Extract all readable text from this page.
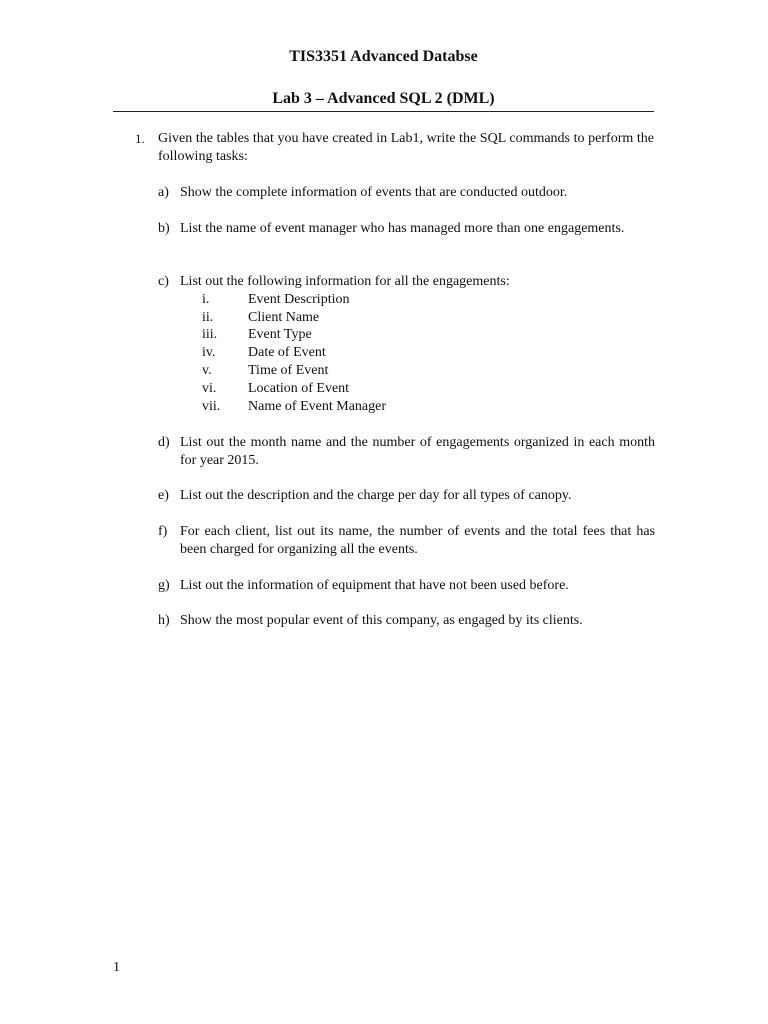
TIS3351 Advanced Databse
Lab 3 – Advanced SQL 2 (DML)
1. Given the tables that you have created in Lab1, write the SQL commands to perform the following tasks:
a) Show the complete information of events that are conducted outdoor.
b) List the name of event manager who has managed more than one engagements.
c) List out the following information for all the engagements:
i.	Event Description
ii. Client Name
iii. Event Type
iv. Date of Event
v.	Time of Event
vi. Location of Event
vii. Name of Event Manager
d) List out the month name and the number of engagements organized in each month for year 2015.
e) List out the description and the charge per day for all types of canopy.
f) For each client, list out its name, the number of events and the total fees that has been charged for organizing all the events.
g) List out the information of equipment that have not been used before.
h) Show the most popular event of this company, as engaged by its clients.
1
